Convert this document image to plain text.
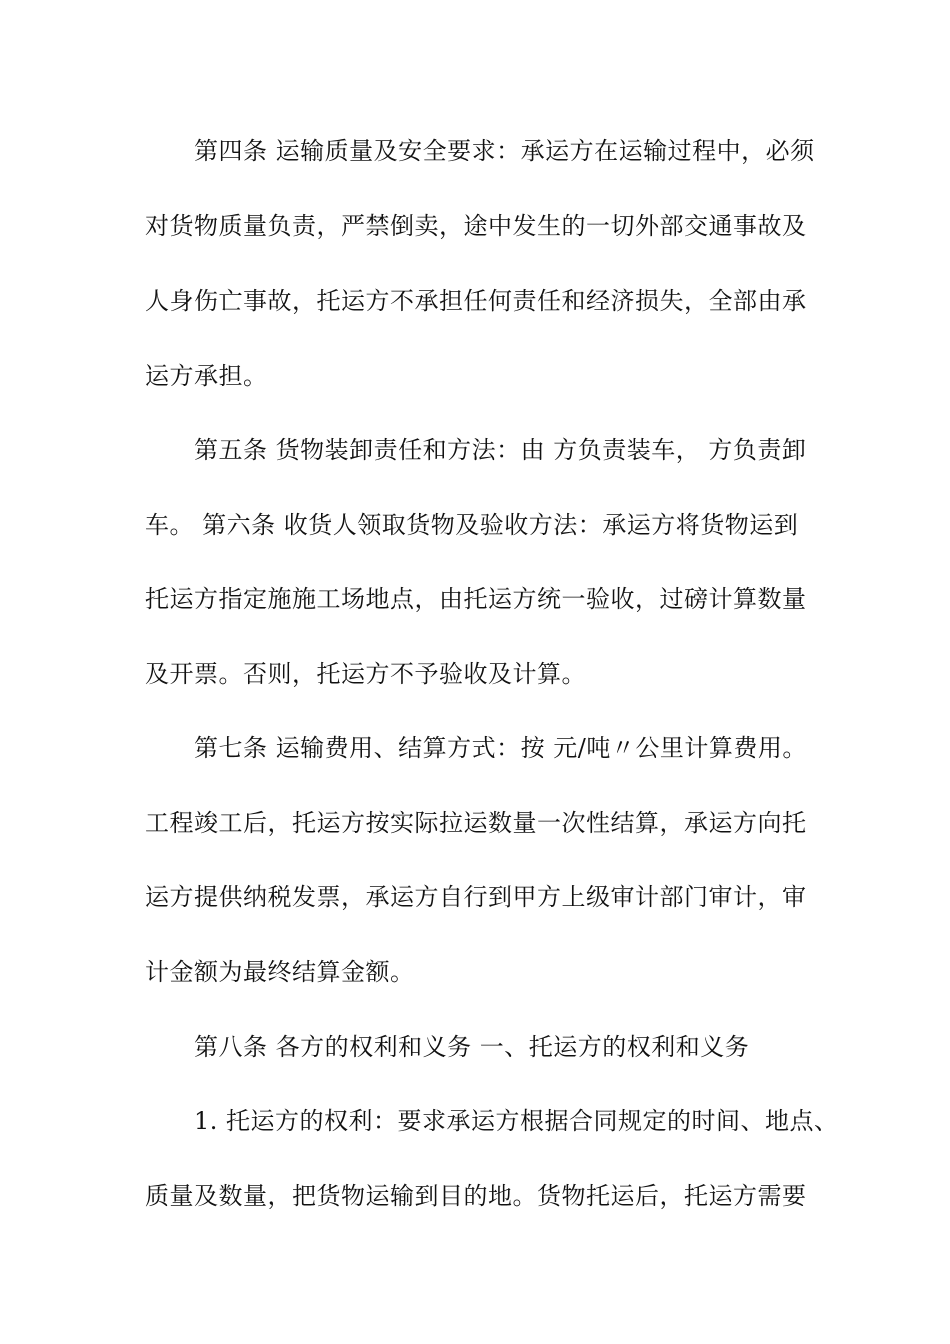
第四条 运输质量及安全要求：承运方在运输过程中，必须
对货物质量负责，严禁倒卖，途中发生的一切外部交通事故及
人身伤亡事故，托运方不承担任何责任和经济损失，全部由承
运方承担。
第五条 货物装卸责任和方法：由 方负责装车， 方负责卸
车。 第六条 收货人领取货物及验收方法：承运方将货物运到
托运方指定施施工场地点，由托运方统一验收，过磅计算数量
及开票。否则，托运方不予验收及计算。
第七条 运输费用、结算方式：按 元/吨〃公里计算费用。
工程竣工后，托运方按实际拉运数量一次性结算，承运方向托
运方提供纳税发票，承运方自行到甲方上级审计部门审计，审
计金额为最终结算金额。
第八条 各方的权利和义务 一、托运方的权利和义务
1. 托运方的权利：要求承运方根据合同规定的时间、地点、
质量及数量，把货物运输到目的地。货物托运后，托运方需要
